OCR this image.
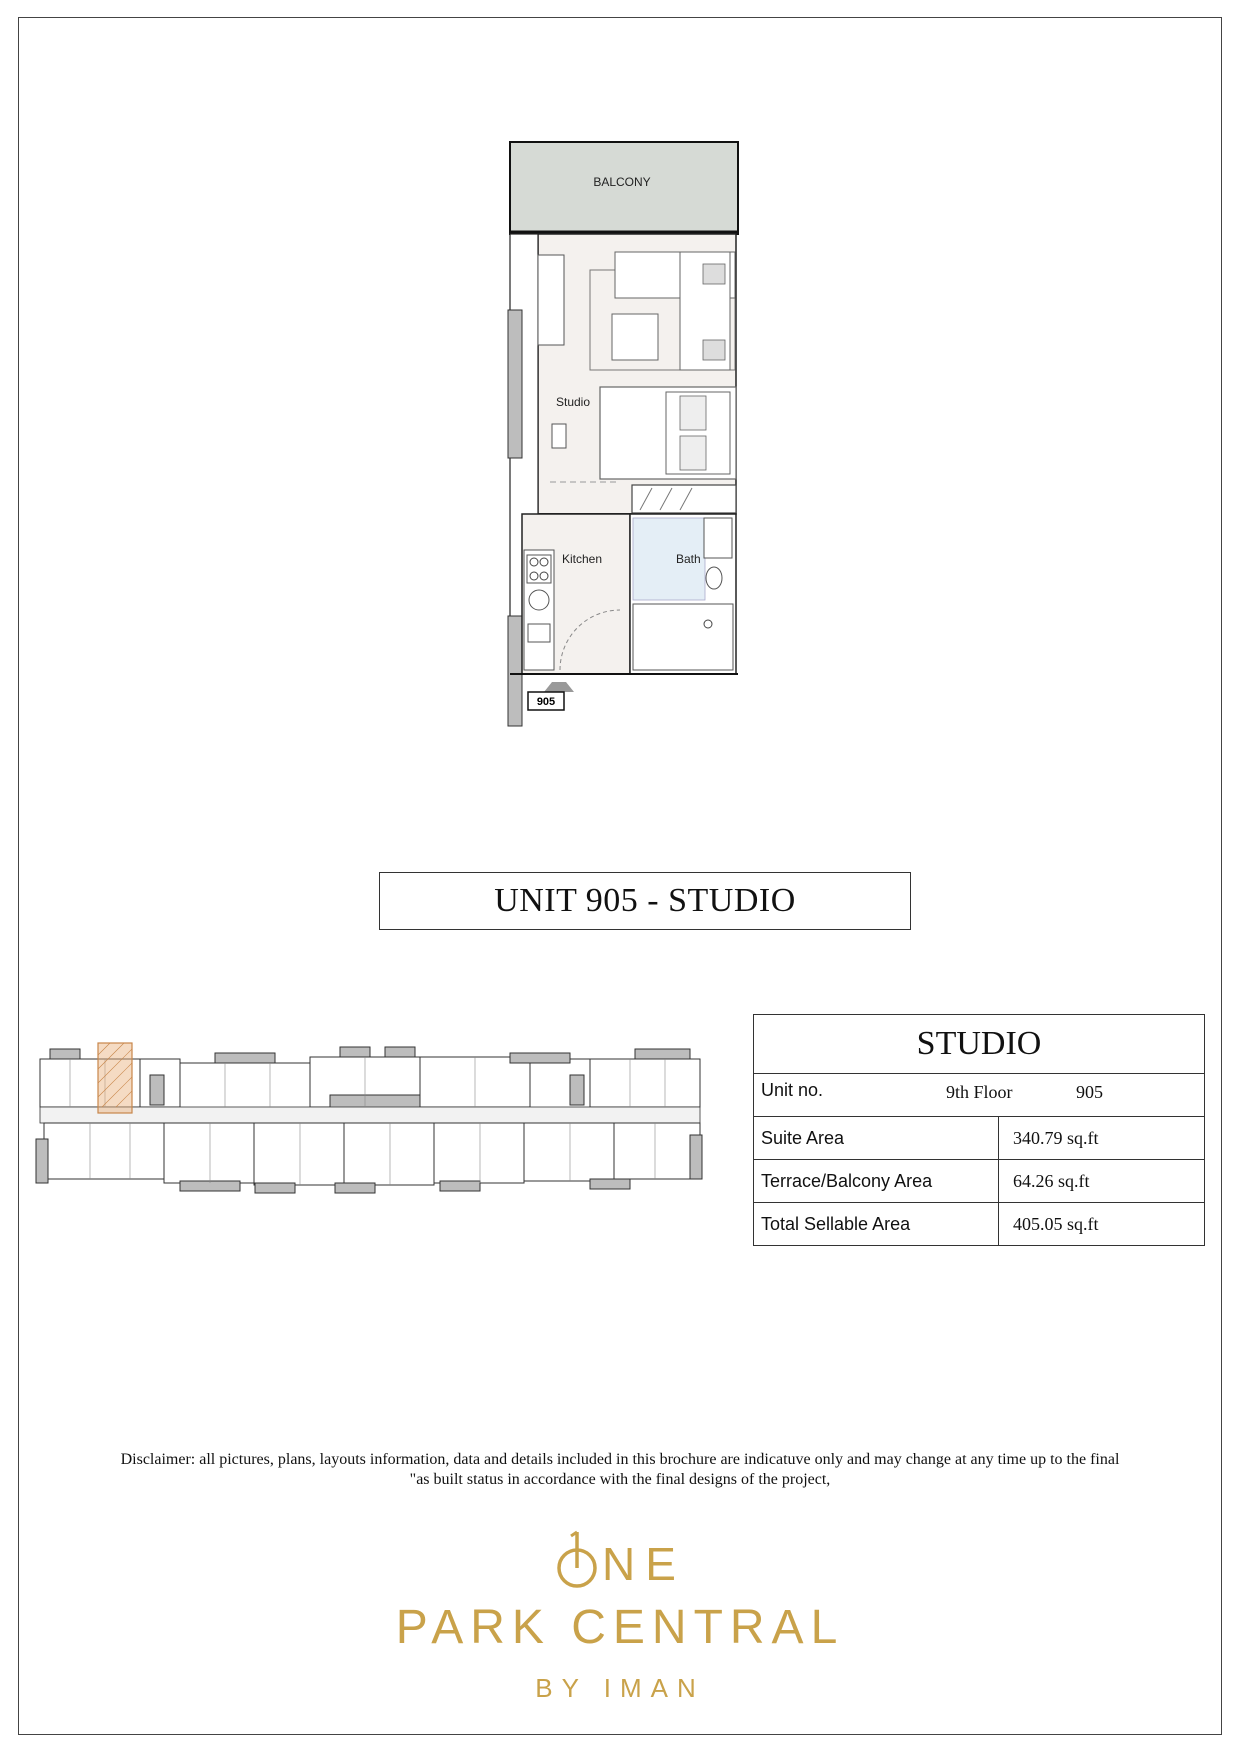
BALCONY
Studio
Kitchen	Bath
905
UNIT 905 - STUDIO
STUDIO	

Unit no. 9th Floor 905	

Suite Area	340.79 sq.ft
Terrace/Balcony Area	64.26 sq.ft
Total Sellable Area	405.05 sq.ft
Disclaimer: all pictures, plans, layouts information, data and details included in this brochure are indicatuve only and may change at any time up to the final
"as built status in accordance with the final designs of the project,
NE
PARK CENTRAL
BY IMAN
